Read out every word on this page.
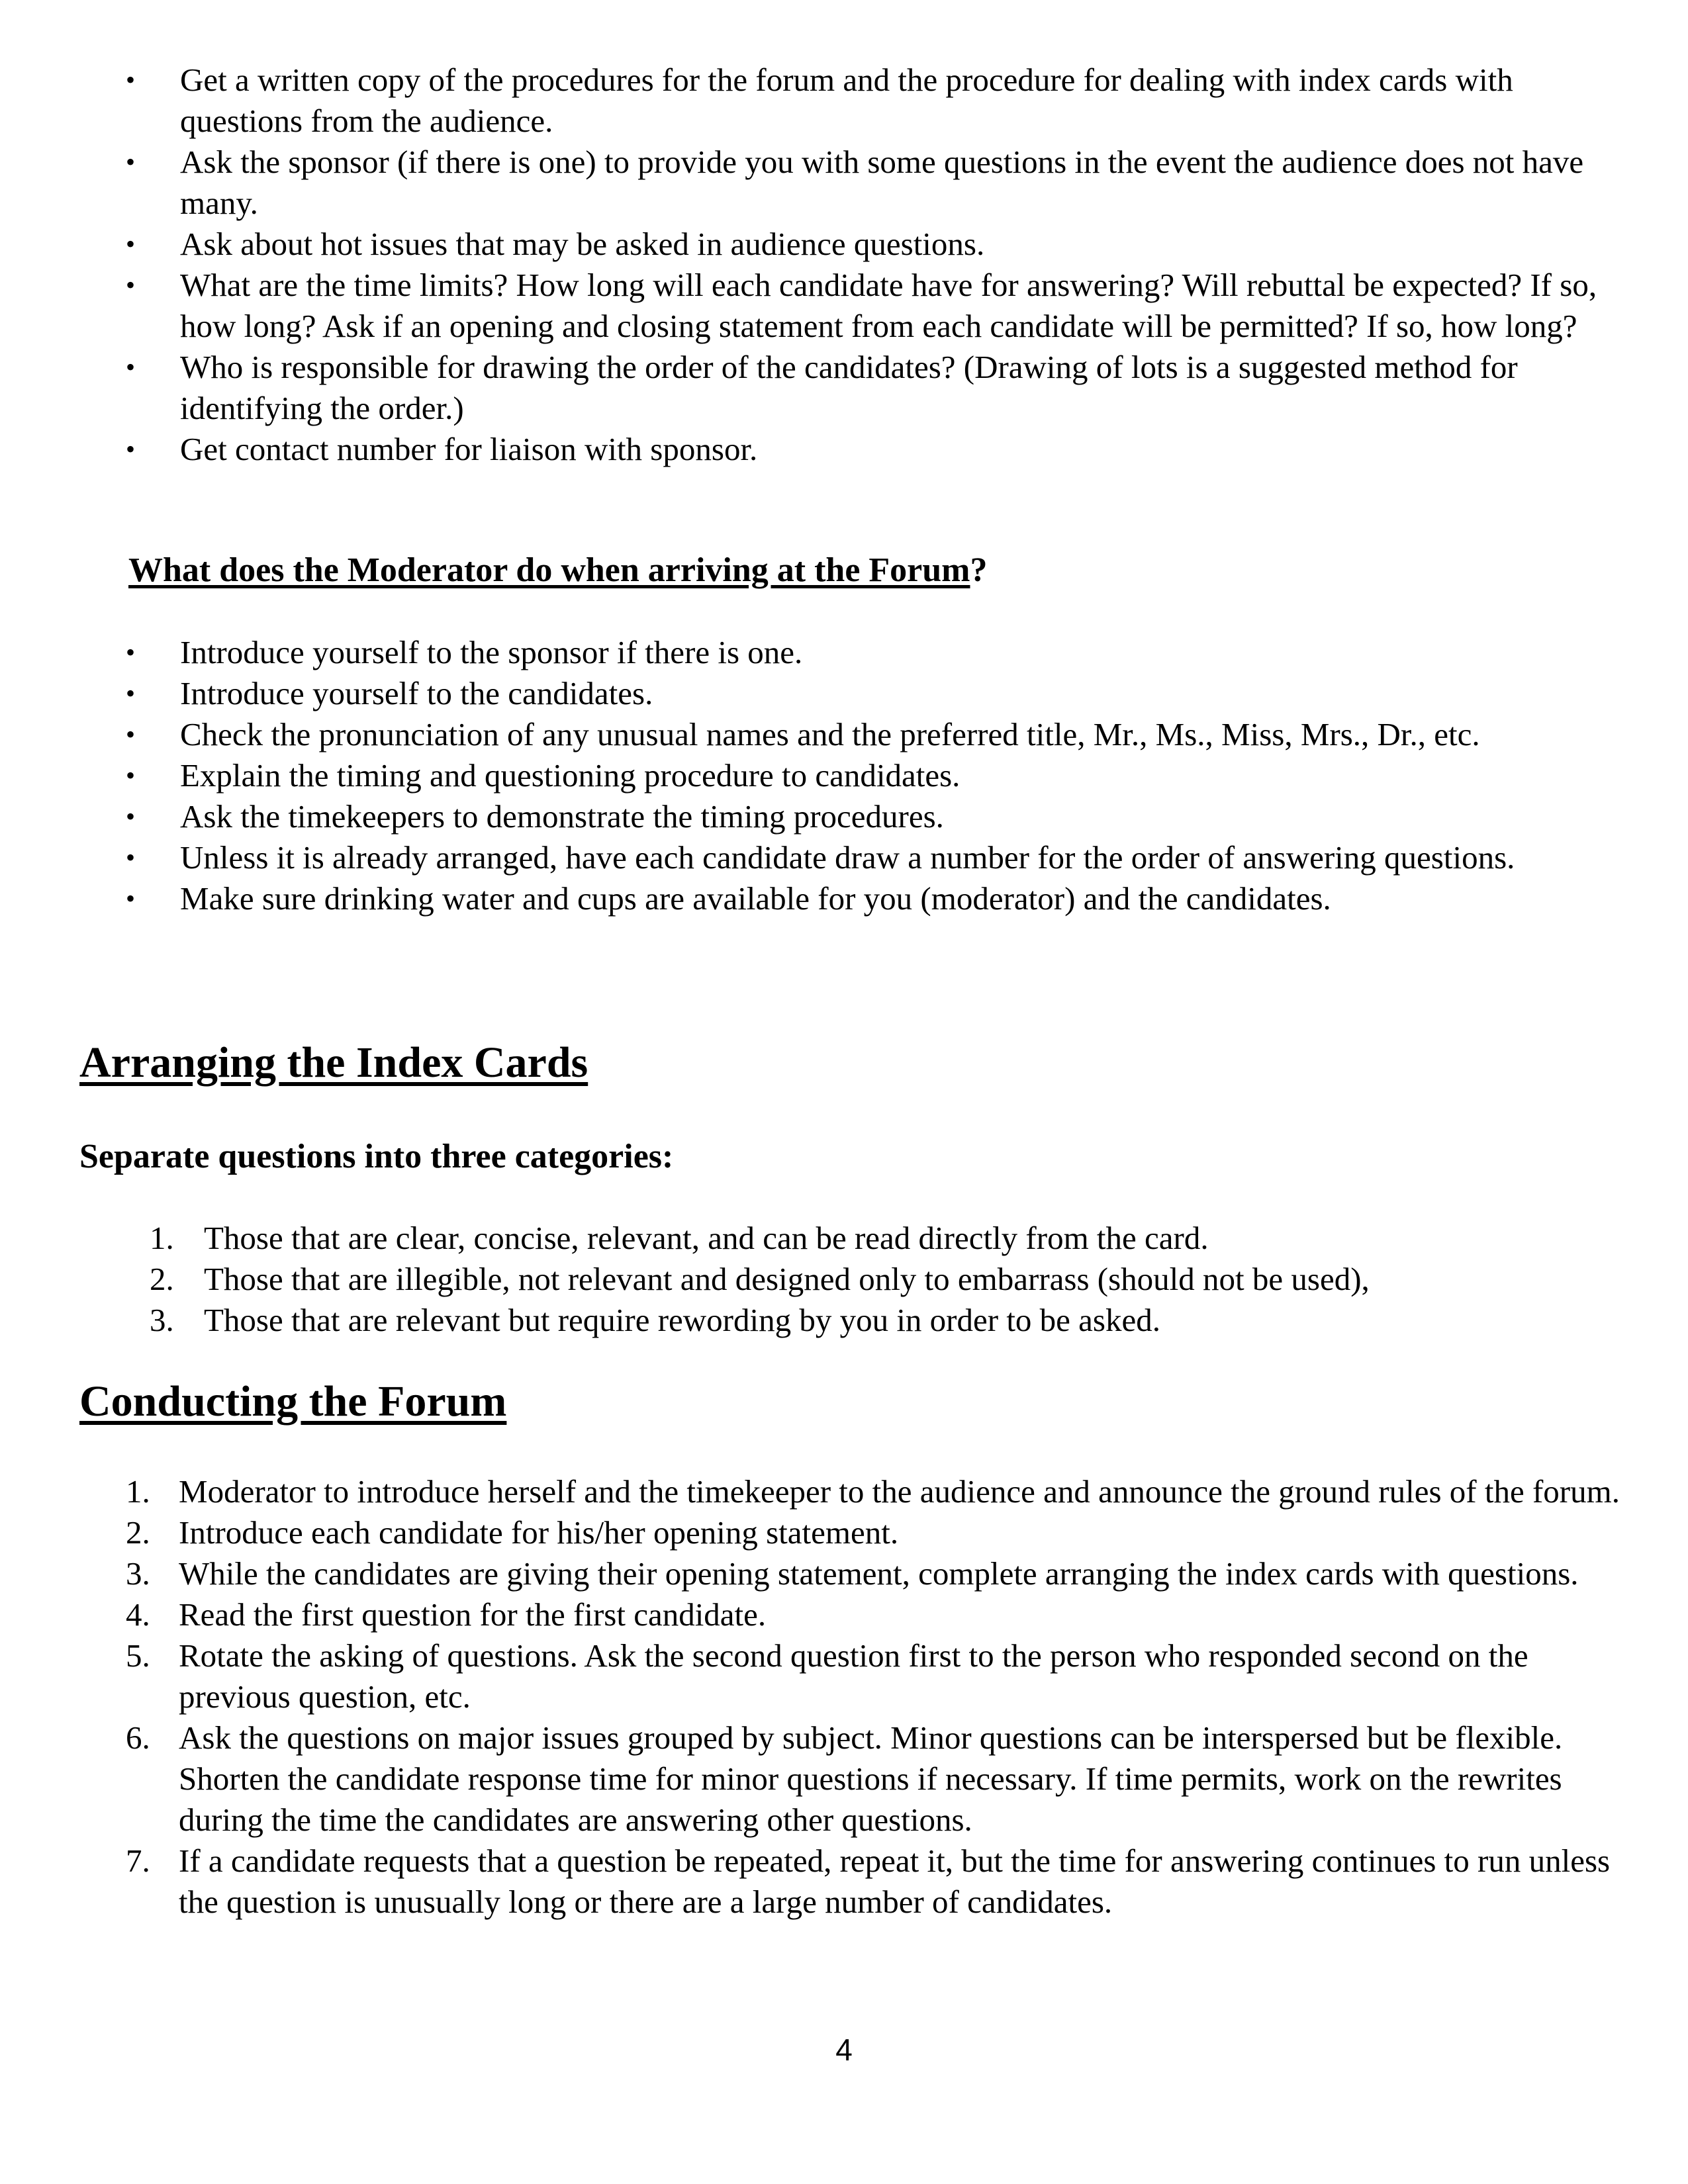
• Get a written copy of the procedures for the forum and the procedure for dealing with index cards with questions from the audience.
• Ask the sponsor (if there is one) to provide you with some questions in the event the audience does not have many.
• Ask about hot issues that may be asked in audience questions.
• What are the time limits? How long will each candidate have for answering? Will rebuttal be expected? If so, how long? Ask if an opening and closing statement from each candidate will be permitted? If so, how long?
• Who is responsible for drawing the order of the candidates? (Drawing of lots is a suggested method for identifying the order.)
• Get contact number for liaison with sponsor.
What does the Moderator do when arriving at the Forum?
• Introduce yourself to the sponsor if there is one.
• Introduce yourself to the candidates.
• Check the pronunciation of any unusual names and the preferred title, Mr., Ms., Miss, Mrs., Dr., etc.
• Explain the timing and questioning procedure to candidates.
• Ask the timekeepers to demonstrate the timing procedures.
• Unless it is already arranged, have each candidate draw a number for the order of answering questions.
• Make sure drinking water and cups are available for you (moderator) and the candidates.
Arranging the Index Cards
Separate questions into three categories:
1. Those that are clear, concise, relevant, and can be read directly from the card.
2. Those that are illegible, not relevant and designed only to embarrass (should not be used),
3. Those that are relevant but require rewording by you in order to be asked.
Conducting the Forum
1. Moderator to introduce herself and the timekeeper to the audience and announce the ground rules of the forum.
2. Introduce each candidate for his/her opening statement.
3. While the candidates are giving their opening statement, complete arranging the index cards with questions.
4. Read the first question for the first candidate.
5. Rotate the asking of questions. Ask the second question first to the person who responded second on the previous question, etc.
6. Ask the questions on major issues grouped by subject. Minor questions can be interspersed but be flexible. Shorten the candidate response time for minor questions if necessary. If time permits, work on the rewrites during the time the candidates are answering other questions.
7. If a candidate requests that a question be repeated, repeat it, but the time for answering continues to run unless the question is unusually long or there are a large number of candidates.
4
